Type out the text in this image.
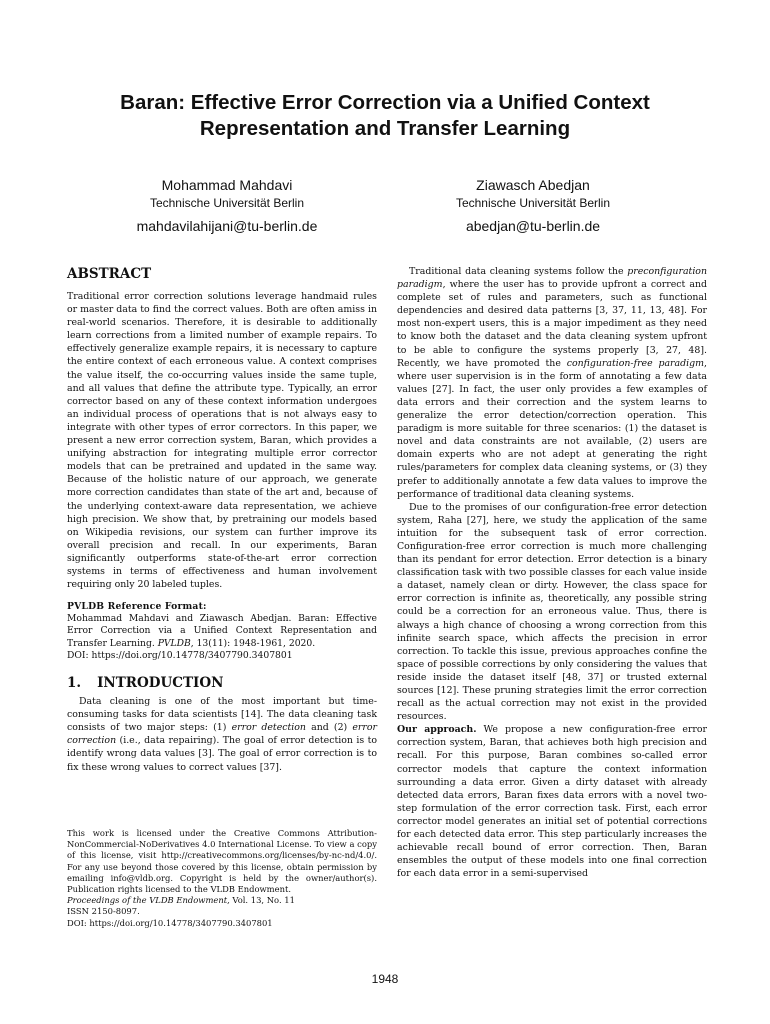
Baran: Effective Error Correction via a Unified Context Representation and Transfer Learning
Mohammad Mahdavi
Technische Universität Berlin
mahdavilahijani@tu-berlin.de
Ziawasch Abedjan
Technische Universität Berlin
abedjan@tu-berlin.de
ABSTRACT

Traditional error correction solutions leverage handmaid rules or master data to find the correct values. Both are often amiss in real-world scenarios. Therefore, it is desirable to additionally learn corrections from a limited number of example repairs. To effectively generalize example repairs, it is necessary to capture the entire context of each erroneous value. A context comprises the value itself, the co-occurring values inside the same tuple, and all values that define the attribute type. Typically, an error corrector based on any of these context information undergoes an individual process of operations that is not always easy to integrate with other types of error correctors. In this paper, we present a new error correction system, Baran, which provides a unifying abstraction for integrating multiple error corrector models that can be pretrained and updated in the same way. Because of the holistic nature of our approach, we generate more correction candidates than state of the art and, because of the underlying context-aware data representation, we achieve high precision. We show that, by pretraining our models based on Wikipedia revisions, our system can further improve its overall precision and recall. In our experiments, Baran significantly outperforms state-of-the-art error correction systems in terms of effectiveness and human involvement requiring only 20 labeled tuples.

PVLDB Reference Format:
Mohammad Mahdavi and Ziawasch Abedjan. Baran: Effective Error Correction via a Unified Context Representation and Transfer Learning. PVLDB, 13(11): 1948-1961, 2020.
DOI: https://doi.org/10.14778/3407790.3407801
1. INTRODUCTION

Data cleaning is one of the most important but time-consuming tasks for data scientists [14]. The data cleaning task consists of two major steps: (1) error detection and (2) error correction (i.e., data repairing). The goal of error detection is to identify wrong data values [3]. The goal of error correction is to fix these wrong values to correct values [37].

This work is licensed under the Creative Commons Attribution-NonCommercial-NoDerivatives 4.0 International License. To view a copy of this license, visit http://creativecommons.org/licenses/by-nc-nd/4.0/. For any use beyond those covered by this license, obtain permission by emailing info@vldb.org. Copyright is held by the owner/author(s). Publication rights licensed to the VLDB Endowment.

Proceedings of the VLDB Endowment, Vol. 13, No. 11

ISSN 2150-8097.

DOI: https://doi.org/10.14778/3407790.3407801

Traditional data cleaning systems follow the preconfiguration paradigm, where the user has to provide upfront a correct and complete set of rules and parameters, such as functional dependencies and desired data patterns [3, 37, 11, 13, 48]. For most non-expert users, this is a major impediment as they need to know both the dataset and the data cleaning system upfront to be able to configure the systems properly [3, 27, 48]. Recently, we have promoted the configuration-free paradigm, where user supervision is in the form of annotating a few data values [27]. In fact, the user only provides a few examples of data errors and their correction and the system learns to generalize the error detection/correction operation. This paradigm is more suitable for three scenarios: (1) the dataset is novel and data constraints are not available, (2) users are domain experts who are not adept at generating the right rules/parameters for complex data cleaning systems, or (3) they prefer to additionally annotate a few data values to improve the performance of traditional data cleaning systems.

Due to the promises of our configuration-free error detection system, Raha [27], here, we study the application of the same intuition for the subsequent task of error correction. Configuration-free error correction is much more challenging than its pendant for error detection. Error detection is a binary classification task with two possible classes for each value inside a dataset, namely clean or dirty. However, the class space for error correction is infinite as, theoretically, any possible string could be a correction for an erroneous value. Thus, there is always a high chance of choosing a wrong correction from this infinite search space, which affects the precision in error correction. To tackle this issue, previous approaches confine the space of possible corrections by only considering the values that reside inside the dataset itself [48, 37] or trusted external sources [12]. These pruning strategies limit the error correction recall as the actual correction may not exist in the provided resources.

Our approach. We propose a new configuration-free error correction system, Baran, that achieves both high precision and recall. For this purpose, Baran combines so-called error corrector models that capture the context information surrounding a data error. Given a dirty dataset with already detected data errors, Baran fixes data errors with a novel two-step formulation of the error correction task. First, each error corrector model generates an initial set of potential corrections for each detected data error. This step particularly increases the achievable recall bound of error correction. Then, Baran ensembles the output of these models into one final correction for each data error in a semi-supervised

1948
